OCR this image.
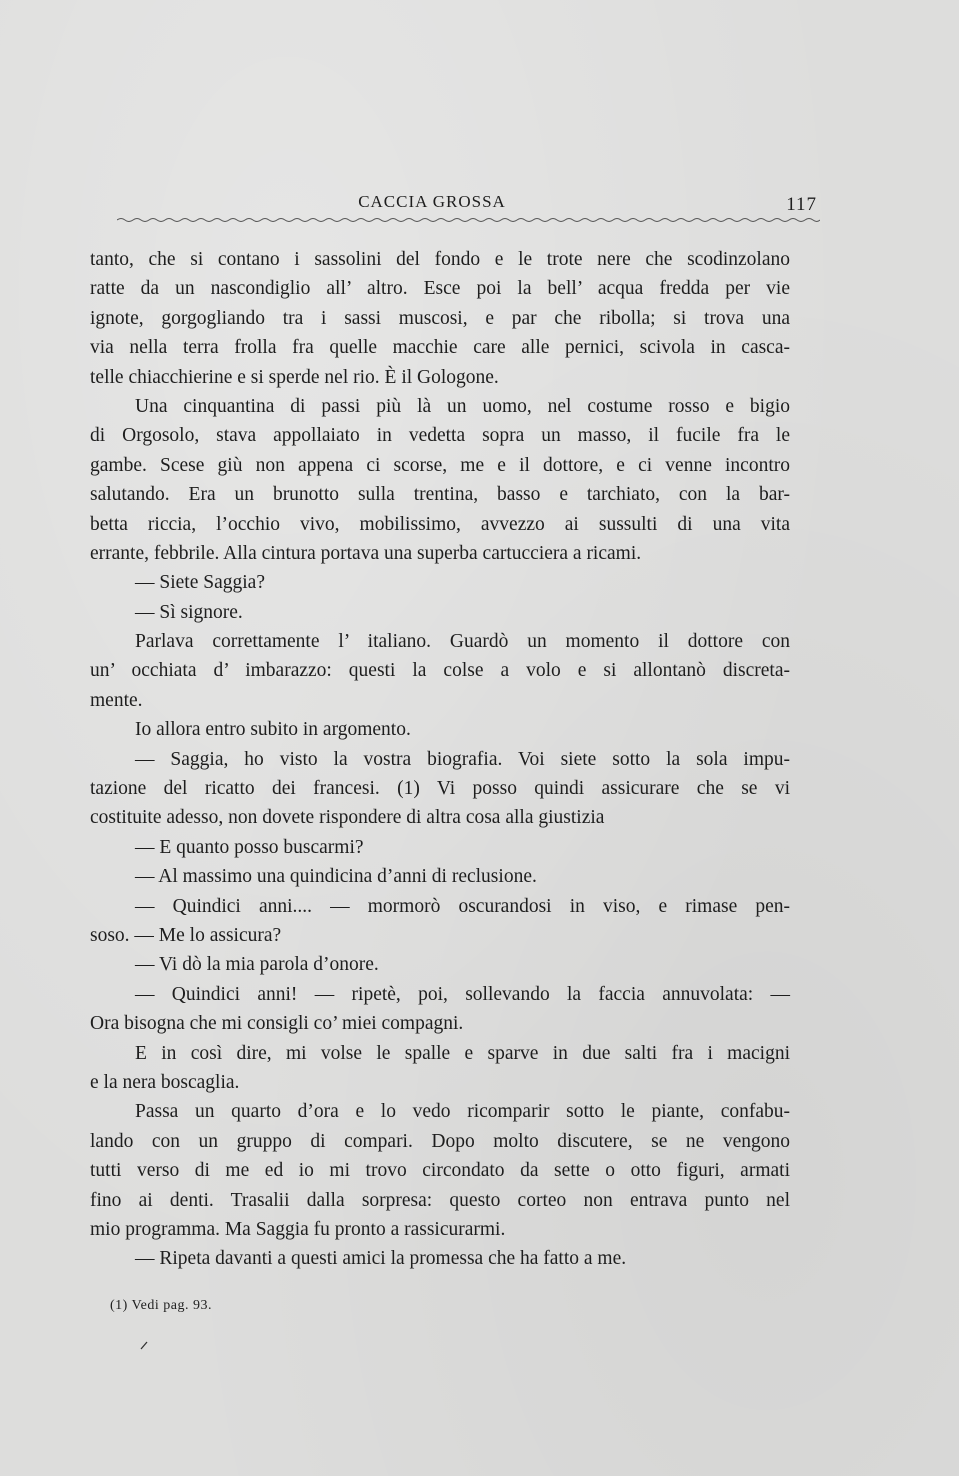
CACCIA GROSSA	117
tanto, che si contano i sassolini del fondo e le trote nere che scodinzolano
ratte da un nascondiglio all’ altro. Esce poi la bell’ acqua fredda per vie
ignote, gorgogliando tra i sassi muscosi, e par che ribolla; si trova una
via nella terra frolla fra quelle macchie care alle pernici, scivola in casca-
telle chiacchierine e si sperde nel rio. È il Gologone.
Una cinquantina di passi più là un uomo, nel costume rosso e bigio
di Orgosolo, stava appollaiato in vedetta sopra un masso, il fucile fra le
gambe. Scese giù non appena ci scorse, me e il dottore, e ci venne incontro
salutando. Era un brunotto sulla trentina, basso e tarchiato, con la bar-
betta riccia, l’occhio vivo, mobilissimo, avvezzo ai sussulti di una vita
errante, febbrile. Alla cintura portava una superba cartucciera a ricami.
— Siete Saggia?
— Sì signore.
Parlava correttamente l’ italiano. Guardò un momento il dottore con
un’ occhiata d’ imbarazzo: questi la colse a volo e si allontanò discreta-
mente.
Io allora entro subito in argomento.
— Saggia, ho visto la vostra biografia. Voi siete sotto la sola impu-
tazione del ricatto dei francesi. (1) Vi posso quindi assicurare che se vi
costituite adesso, non dovete rispondere di altra cosa alla giustizia
— E quanto posso buscarmi?
— Al massimo una quindicina d’anni di reclusione.
— Quindici anni.... — mormorò oscurandosi in viso, e rimase pen-
soso. — Me lo assicura?
— Vi dò la mia parola d’onore.
— Quindici anni! — ripetè, poi, sollevando la faccia annuvolata: —
Ora bisogna che mi consigli co’ miei compagni.
E in così dire, mi volse le spalle e sparve in due salti fra i macigni
e la nera boscaglia.
Passa un quarto d’ora e lo vedo ricomparir sotto le piante, confabu-
lando con un gruppo di compari. Dopo molto discutere, se ne vengono
tutti verso di me ed io mi trovo circondato da sette o otto figuri, armati
fino ai denti. Trasalii dalla sorpresa: questo corteo non entrava punto nel
mio programma. Ma Saggia fu pronto a rassicurarmi.
— Ripeta davanti a questi amici la promessa che ha fatto a me.
(1) Vedi pag. 93.
